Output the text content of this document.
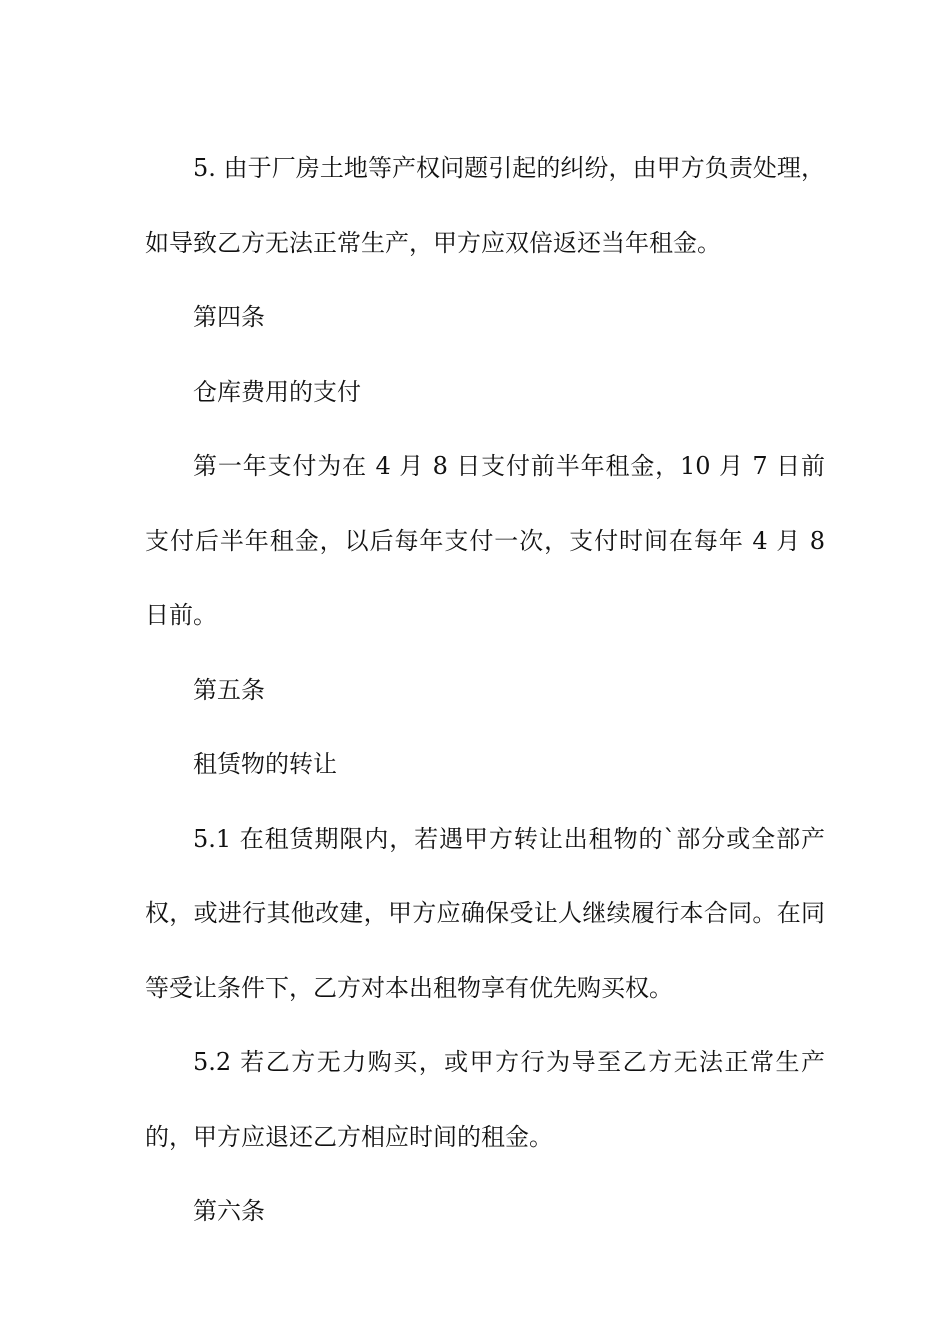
5. 由于厂房土地等产权问题引起的纠纷，由甲方负责处理，如导致乙方无法正常生产，甲方应双倍返还当年租金。

第四条

仓库费用的支付

第一年支付为在 4 月 8 日支付前半年租金，10 月 7 日前支付后半年租金，以后每年支付一次，支付时间在每年 4 月 8 日前。

第五条

租赁物的转让

5.1 在租赁期限内，若遇甲方转让出租物的`部分或全部产权，或进行其他改建，甲方应确保受让人继续履行本合同。在同等受让条件下，乙方对本出租物享有优先购买权。

5.2 若乙方无力购买，或甲方行为导至乙方无法正常生产的，甲方应退还乙方相应时间的租金。

第六条
